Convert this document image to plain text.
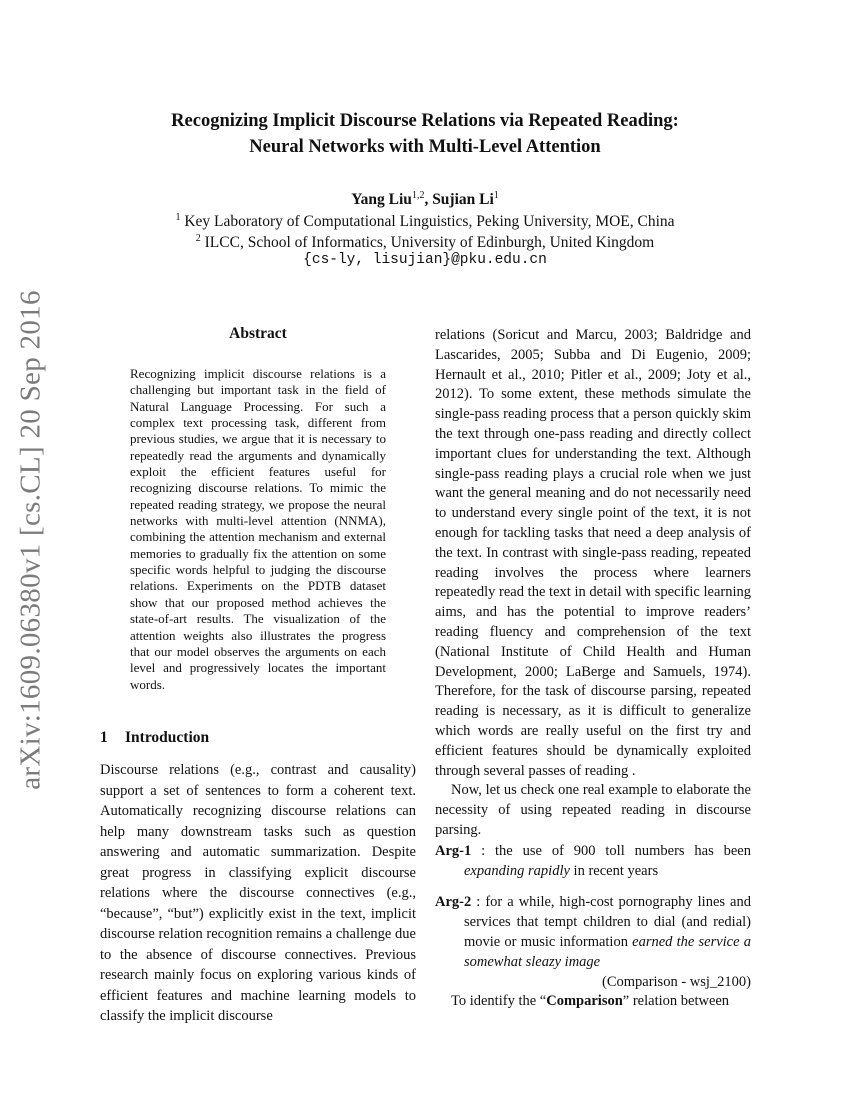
arXiv:1609.06380v1 [cs.CL] 20 Sep 2016
Recognizing Implicit Discourse Relations via Repeated Reading:
Neural Networks with Multi-Level Attention
Yang Liu$^{1,2}$, Sujian Li$^1$
$^1$ Key Laboratory of Computational Linguistics, Peking University, MOE, China
$^2$ ILCC, School of Informatics, University of Edinburgh, United Kingdom
{cs-ly, lisujian}@pku.edu.cn
Abstract
Recognizing implicit discourse relations is a challenging but important task in the field of Natural Language Processing. For such a complex text processing task, different from previous studies, we argue that it is necessary to repeatedly read the arguments and dynamically exploit the efficient features useful for recognizing discourse relations. To mimic the repeated reading strategy, we propose the neural networks with multi-level attention (NNMA), combining the attention mechanism and external memories to gradually fix the attention on some specific words helpful to judging the discourse relations. Experiments on the PDTB dataset show that our proposed method achieves the state-of-art results. The visualization of the attention weights also illustrates the progress that our model observes the arguments on each level and progressively locates the important words.
1 Introduction
Discourse relations (e.g., contrast and causality) support a set of sentences to form a coherent text. Automatically recognizing discourse relations can help many downstream tasks such as question answering and automatic summarization. Despite great progress in classifying explicit discourse relations where the discourse connectives (e.g., “because”, “but”) explicitly exist in the text, implicit discourse relation recognition remains a challenge due to the absence of discourse connectives. Previous research mainly focus on exploring various kinds of efficient features and machine learning models to classify the implicit discourse

relations (Soricut and Marcu, 2003; Baldridge and Lascarides, 2005; Subba and Di Eugenio, 2009; Hernault et al., 2010; Pitler et al., 2009; Joty et al., 2012). To some extent, these methods simulate the single-pass reading process that a person quickly skim the text through one-pass reading and directly collect important clues for understanding the text. Although single-pass reading plays a crucial role when we just want the general meaning and do not necessarily need to understand every single point of the text, it is not enough for tackling tasks that need a deep analysis of the text. In contrast with single-pass reading, repeated reading involves the process where learners repeatedly read the text in detail with specific learning aims, and has the potential to improve readers’ reading fluency and comprehension of the text (National Institute of Child Health and Human Development, 2000; LaBerge and Samuels, 1974). Therefore, for the task of discourse parsing, repeated reading is necessary, as it is difficult to generalize which words are really useful on the first try and efficient features should be dynamically exploited through several passes of reading .

Now, let us check one real example to elaborate the necessity of using repeated reading in discourse parsing.

Arg-1 : the use of 900 toll numbers has been expanding rapidly in recent years
Arg-2 : for a while, high-cost pornography lines and services that tempt children to dial (and redial) movie or music information earned the service a somewhat sleazy image
(Comparison - wsj_2100)

To identify the “Comparison” relation between
